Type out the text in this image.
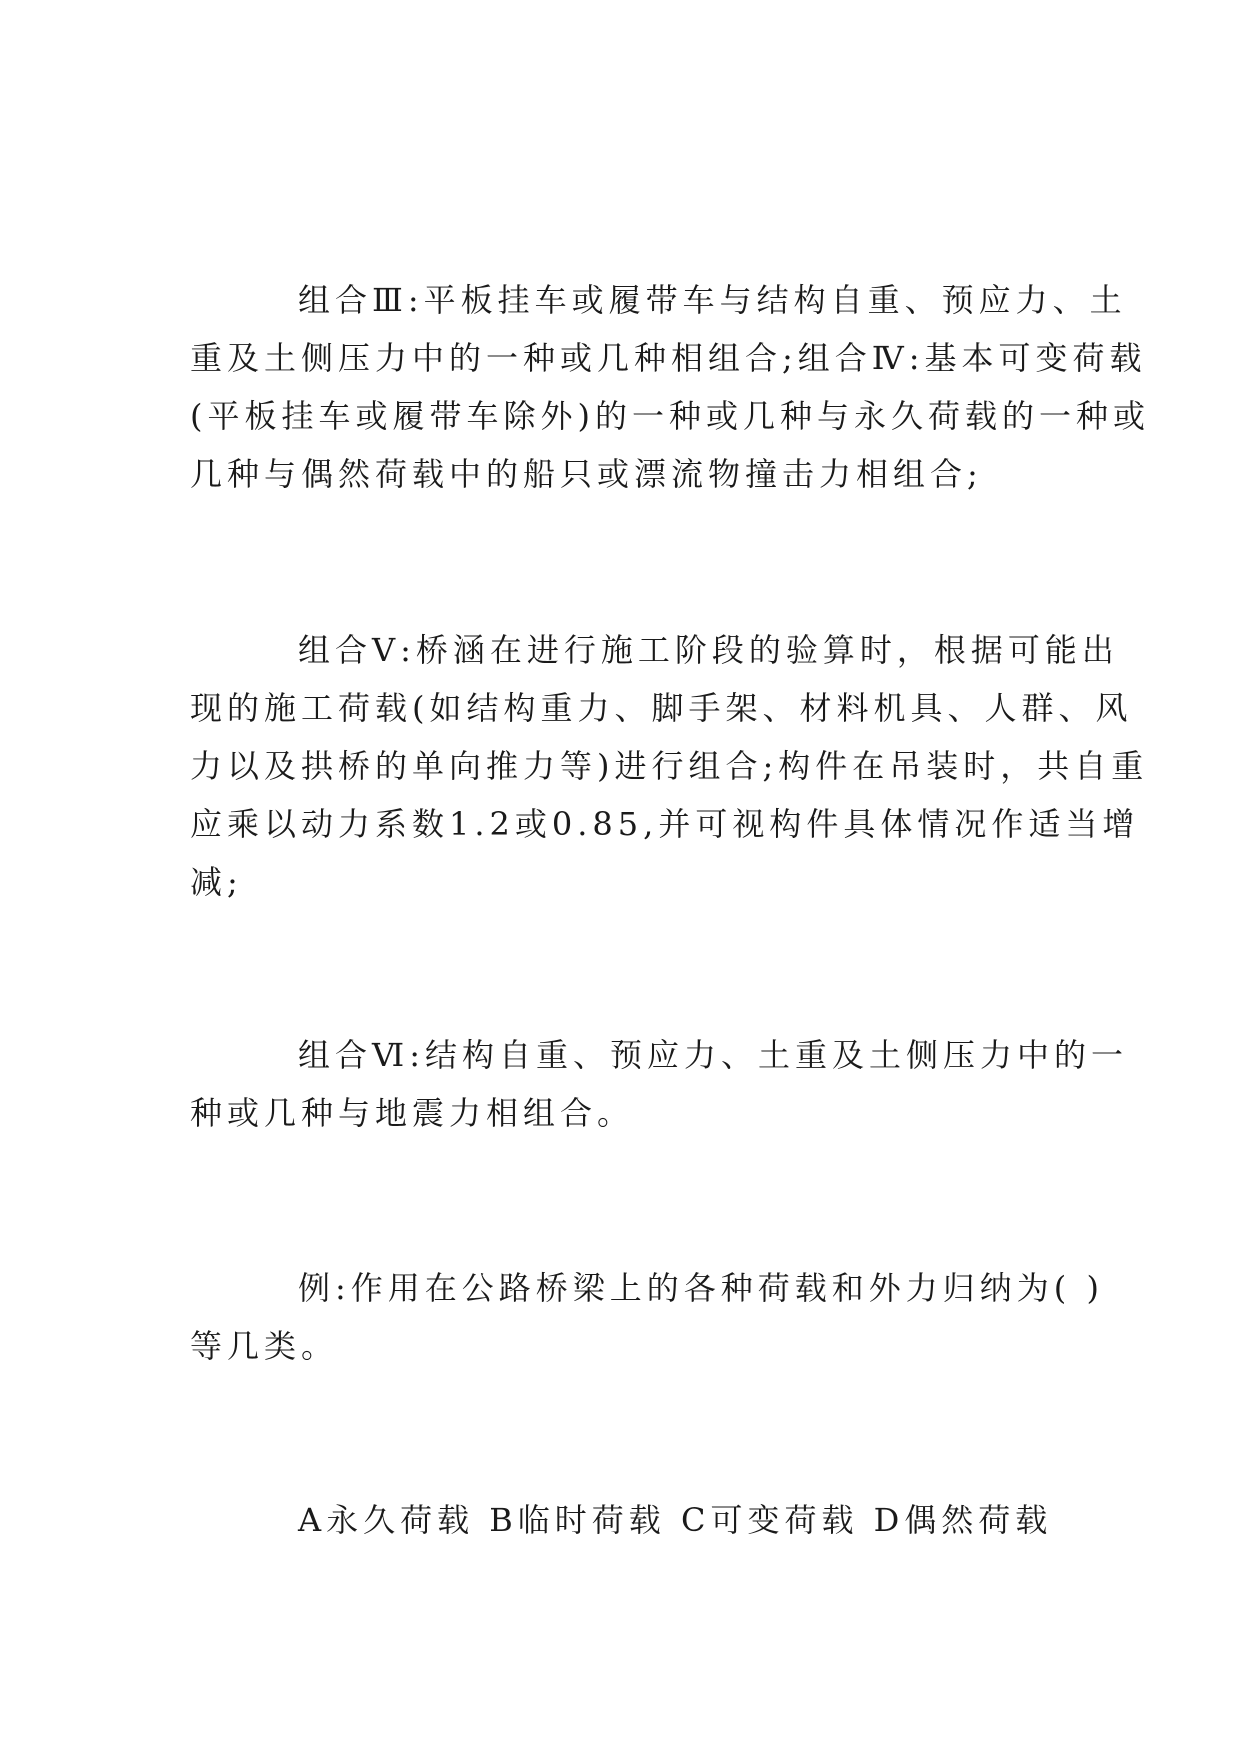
组合Ⅲ:平板挂车或履带车与结构自重、预应力、土
重及土侧压力中的一种或几种相组合;组合Ⅳ:基本可变荷载
(平板挂车或履带车除外)的一种或几种与永久荷载的一种或
几种与偶然荷载中的船只或漂流物撞击力相组合;
组合Ⅴ:桥涵在进行施工阶段的验算时，根据可能出
现的施工荷载(如结构重力、脚手架、材料机具、人群、风
力以及拱桥的单向推力等)进行组合;构件在吊装时，共自重
应乘以动力系数1.2或0.85,并可视构件具体情况作适当增
减;
组合Ⅵ:结构自重、预应力、土重及土侧压力中的一
种或几种与地震力相组合。
例:作用在公路桥梁上的各种荷载和外力归纳为( )
等几类。
A永久荷载 B临时荷载 C可变荷载 D偶然荷载
